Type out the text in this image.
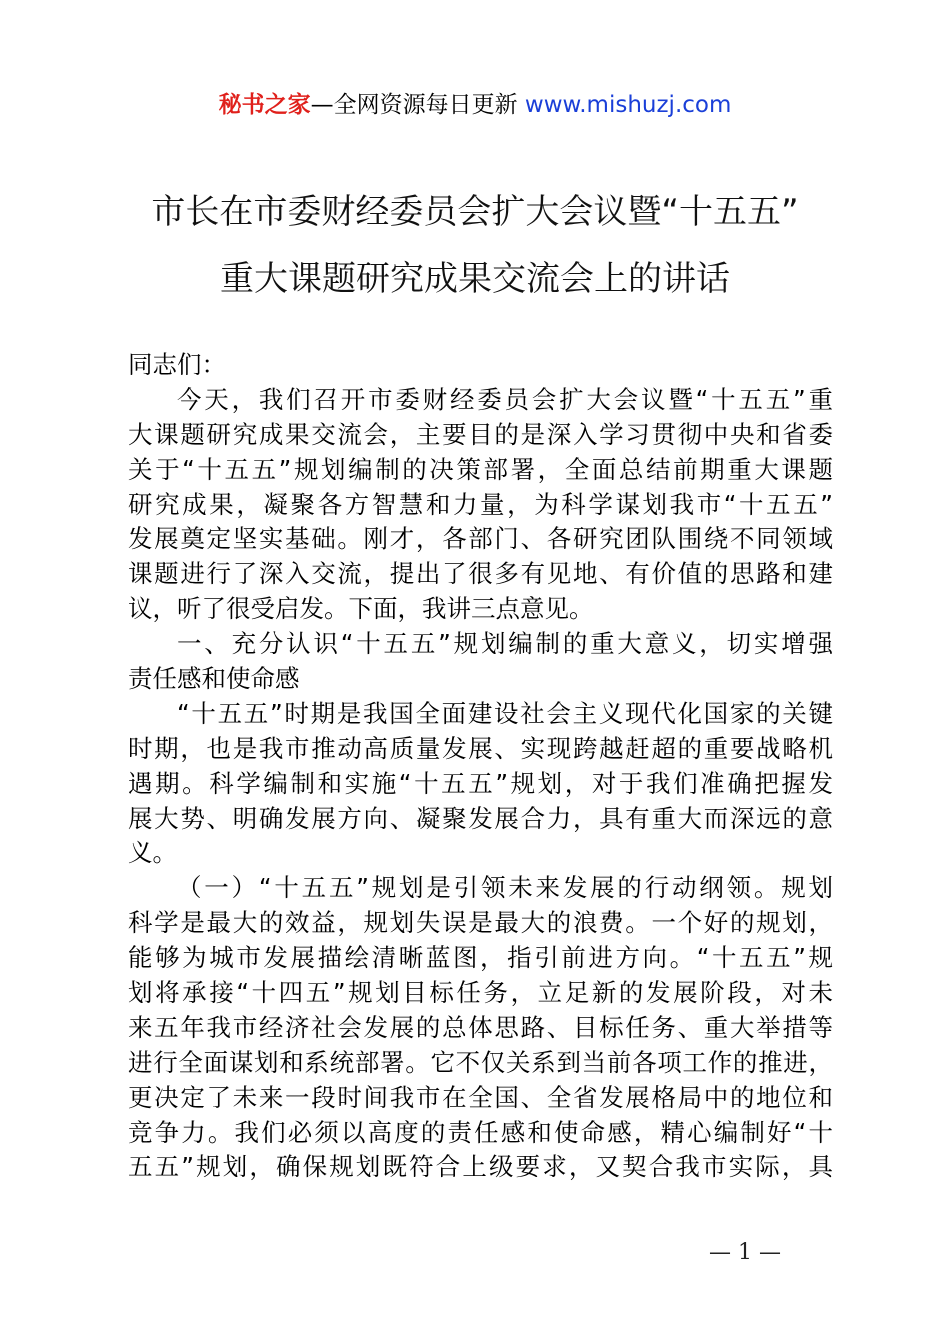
秘书之家—全网资源每日更新 www.mishuzj.com
市长在市委财经委员会扩大会议暨“十五五”
重大课题研究成果交流会上的讲话
同志们：
今天，我们召开市委财经委员会扩大会议暨“十五五”重
大课题研究成果交流会，主要目的是深入学习贯彻中央和省委
关于“十五五”规划编制的决策部署，全面总结前期重大课题
研究成果，凝聚各方智慧和力量，为科学谋划我市“十五五”
发展奠定坚实基础。刚才，各部门、各研究团队围绕不同领域
课题进行了深入交流，提出了很多有见地、有价值的思路和建
议，听了很受启发。下面，我讲三点意见。
一、充分认识“十五五”规划编制的重大意义，切实增强
责任感和使命感
“十五五”时期是我国全面建设社会主义现代化国家的关键
时期，也是我市推动高质量发展、实现跨越赶超的重要战略机
遇期。科学编制和实施“十五五”规划，对于我们准确把握发
展大势、明确发展方向、凝聚发展合力，具有重大而深远的意
义。
（一）“十五五”规划是引领未来发展的行动纲领。规划
科学是最大的效益，规划失误是最大的浪费。一个好的规划，
能够为城市发展描绘清晰蓝图，指引前进方向。“十五五”规
划将承接“十四五”规划目标任务，立足新的发展阶段，对未
来五年我市经济社会发展的总体思路、目标任务、重大举措等
进行全面谋划和系统部署。它不仅关系到当前各项工作的推进，
更决定了未来一段时间我市在全国、全省发展格局中的地位和
竞争力。我们必须以高度的责任感和使命感，精心编制好“十
五五”规划，确保规划既符合上级要求，又契合我市实际，具
— 1 —
